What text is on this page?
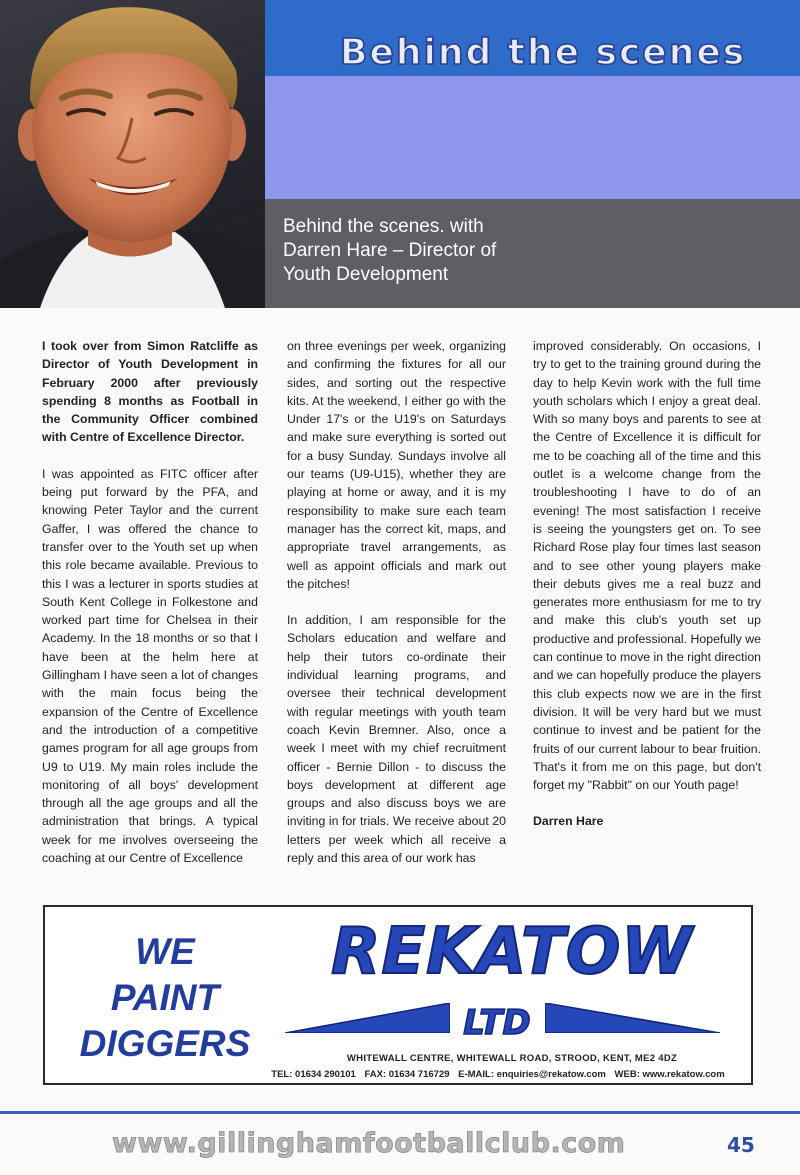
Behind the scenes
Behind the scenes. with
Darren Hare – Director of
Youth Development

I took over from Simon Ratcliffe as Director of Youth Development in February 2000 after previously spending 8 months as Football in the Community Officer combined with Centre of Excellence Director.

I was appointed as FITC officer after being put forward by the PFA, and knowing Peter Taylor and the current Gaffer, I was offered the chance to transfer over to the Youth set up when this role became available. Previous to this I was a lecturer in sports studies at South Kent College in Folkestone and worked part time for Chelsea in their Academy. In the 18 months or so that I have been at the helm here at Gillingham I have seen a lot of changes with the main focus being the expansion of the Centre of Excellence and the introduction of a competitive games program for all age groups from U9 to U19. My main roles include the monitoring of all boys' development through all the age groups and all the administration that brings. A typical week for me involves overseeing the coaching at our Centre of Excellence

on three evenings per week, organizing and confirming the fixtures for all our sides, and sorting out the respective kits. At the weekend, I either go with the Under 17's or the U19's on Saturdays and make sure everything is sorted out for a busy Sunday. Sundays involve all our teams (U9-U15), whether they are playing at home or away, and it is my responsibility to make sure each team manager has the correct kit, maps, and appropriate travel arrangements, as well as appoint officials and mark out the pitches!

In addition, I am responsible for the Scholars education and welfare and help their tutors co-ordinate their individual learning programs, and oversee their technical development with regular meetings with youth team coach Kevin Bremner. Also, once a week I meet with my chief recruitment officer - Bernie Dillon - to discuss the boys development at different age groups and also discuss boys we are inviting in for trials. We receive about 20 letters per week which all receive a reply and this area of our work has

improved considerably. On occasions, I try to get to the training ground during the day to help Kevin work with the full time youth scholars which I enjoy a great deal. With so many boys and parents to see at the Centre of Excellence it is difficult for me to be coaching all of the time and this outlet is a welcome change from the troubleshooting I have to do of an evening! The most satisfaction I receive is seeing the youngsters get on. To see Richard Rose play four times last season and to see other young players make their debuts gives me a real buzz and generates more enthusiasm for me to try and make this club's youth set up productive and professional. Hopefully we can continue to move in the right direction and we can hopefully produce the players this club expects now we are in the first division. It will be very hard but we must continue to invest and be patient for the fruits of our current labour to bear fruition. That's it from me on this page, but don't forget my "Rabbit" on our Youth page!

Darren Hare

WE
PAINT
DIGGERS
REKATOW
LTD
WHITEWALL CENTRE, WHITEWALL ROAD, STROOD, KENT, ME2 4DZ
TEL: 01634 290101 FAX: 01634 716729 E-MAIL: enquiries@rekatow.com WEB: www.rekatow.com
www.gillinghamfootballclub.com	45
